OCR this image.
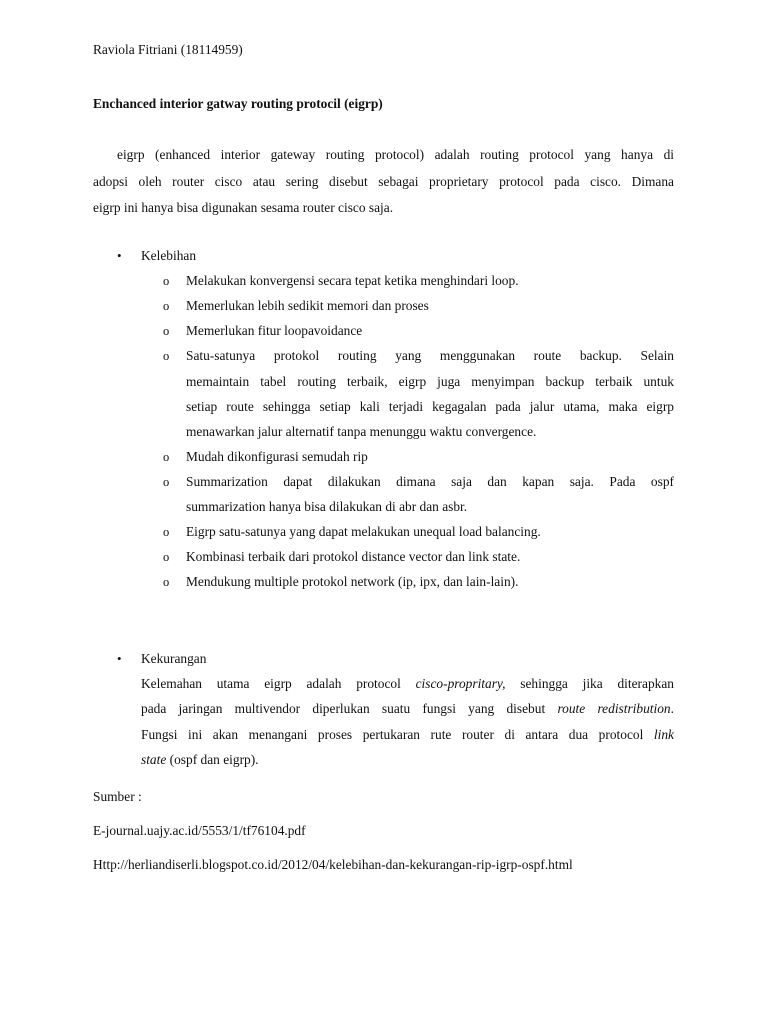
Raviola Fitriani (18114959)
Enchanced interior gatway routing protocil (eigrp)
eigrp (enhanced interior gateway routing protocol) adalah routing protocol yang hanya di
adopsi oleh router cisco atau sering disebut sebagai proprietary protocol pada cisco. Dimana
eigrp ini hanya bisa digunakan sesama router cisco saja.
• Kelebihan
o Melakukan konvergensi secara tepat ketika menghindari loop.
o Memerlukan lebih sedikit memori dan proses
o Memerlukan fitur loopavoidance
o Satu-satunya protokol routing yang menggunakan route backup. Selain
memaintain tabel routing terbaik, eigrp juga menyimpan backup terbaik untuk
setiap route sehingga setiap kali terjadi kegagalan pada jalur utama, maka eigrp
menawarkan jalur alternatif tanpa menunggu waktu convergence.
o Mudah dikonfigurasi semudah rip
o Summarization dapat dilakukan dimana saja dan kapan saja. Pada ospf
summarization hanya bisa dilakukan di abr dan asbr.
o Eigrp satu-satunya yang dapat melakukan unequal load balancing.
o Kombinasi terbaik dari protokol distance vector dan link state.
o Mendukung multiple protokol network (ip, ipx, dan lain-lain).
• Kekurangan
Kelemahan utama eigrp adalah protocol cisco-propritary, sehingga jika diterapkan
pada jaringan multivendor diperlukan suatu fungsi yang disebut route redistribution.
Fungsi ini akan menangani proses pertukaran rute router di antara dua protocol link
state (ospf dan eigrp).
Sumber :
E-journal.uajy.ac.id/5553/1/tf76104.pdf
Http://herliandiserli.blogspot.co.id/2012/04/kelebihan-dan-kekurangan-rip-igrp-ospf.html
